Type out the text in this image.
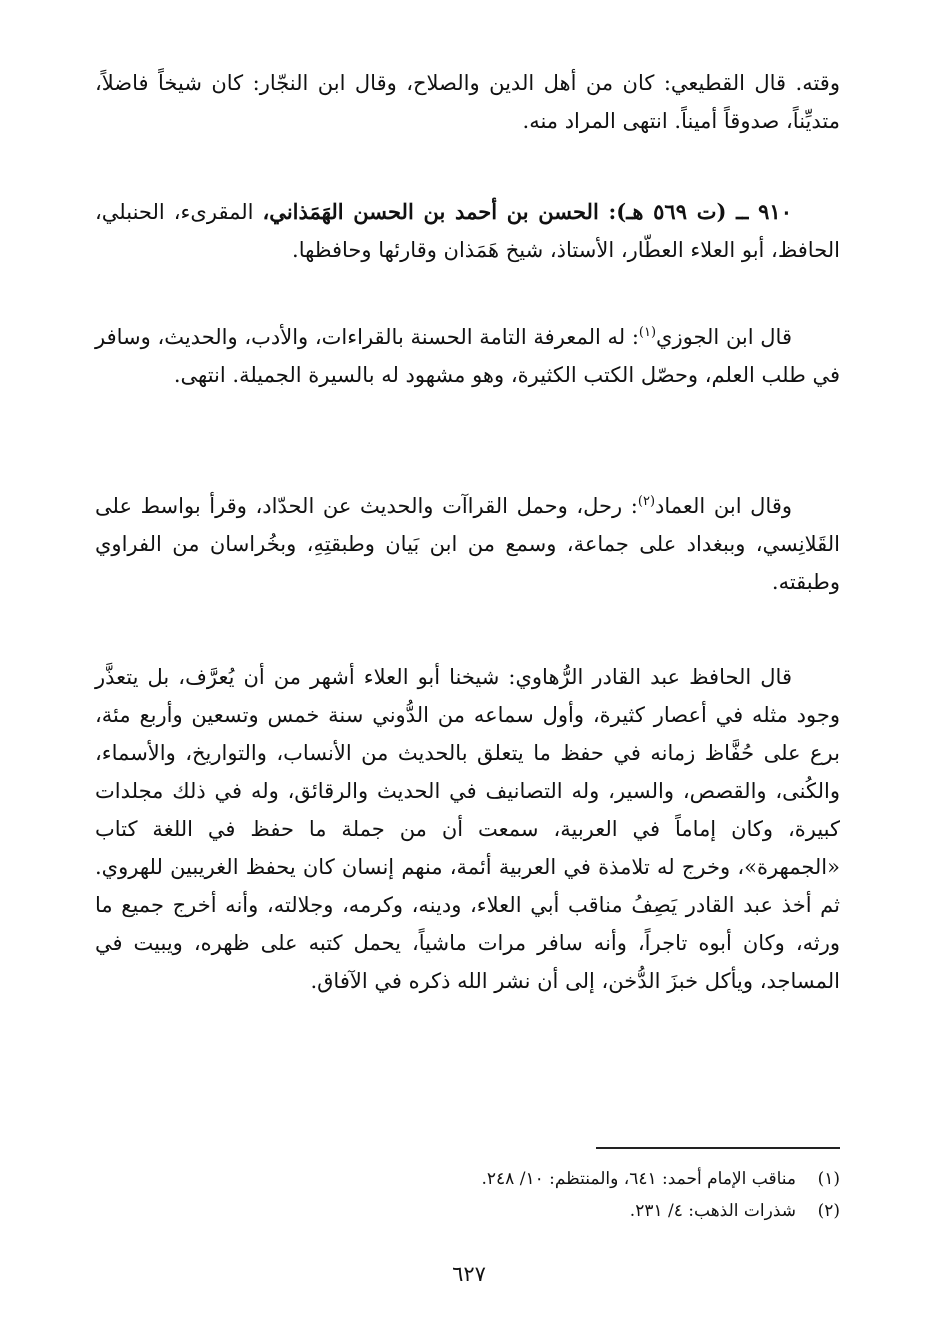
وقته. قال القطيعي: كان من أهل الدين والصلاح، وقال ابن النجّار: كان شيخاً فاضلاً، متديِّناً، صدوقاً أميناً. انتهى المراد منه.

٩١٠ ــ (ت ٥٦٩ هـ): الحسن بن أحمد بن الحسن الهَمَذاني، المقرىء، الحنبلي، الحافظ، أبو العلاء العطّار، الأستاذ، شيخ هَمَذان وقارئها وحافظها.

قال ابن الجوزي$^{(١)}$: له المعرفة التامة الحسنة بالقراءات، والأدب، والحديث، وسافر في طلب العلم، وحصّل الكتب الكثيرة، وهو مشهود له بالسيرة الجميلة. انتهى.

وقال ابن العماد$^{(٢)}$: رحل، وحمل القراآت والحديث عن الحدّاد، وقرأ بواسط على القَلانِسي، وببغداد على جماعة، وسمع من ابن بَيان وطبقتِهِ، وبخُراسان من الفراوي وطبقته.

قال الحافظ عبد القادر الرُّهاوي: شيخنا أبو العلاء أشهر من أن يُعرَّف، بل يتعذَّر وجود مثله في أعصار كثيرة، وأول سماعه من الدُّوني سنة خمس وتسعين وأربع مئة، برع على حُفَّاظ زمانه في حفظ ما يتعلق بالحديث من الأنساب، والتواريخ، والأسماء، والكُنى، والقصص، والسير، وله التصانيف في الحديث والرقائق، وله في ذلك مجلدات كبيرة، وكان إماماً في العربية، سمعت أن من جملة ما حفظ في اللغة كتاب «الجمهرة»، وخرج له تلامذة في العربية أئمة، منهم إنسان كان يحفظ الغريبين للهروي. ثم أخذ عبد القادر يَصِفُ مناقب أبي العلاء، ودينه، وكرمه، وجلالته، وأنه أخرج جميع ما ورثه، وكان أبوه تاجراً، وأنه سافر مرات ماشياً، يحمل كتبه على ظهره، ويبيت في المساجد، ويأكل خبزَ الدُّخن، إلى أن نشر الله ذكره في الآفاق.

(١)مناقب الإمام أحمد: ٦٤١، والمنتظم: ١٠/ ٢٤٨.
(٢)شذرات الذهب: ٤/ ٢٣١.
٦٢٧
